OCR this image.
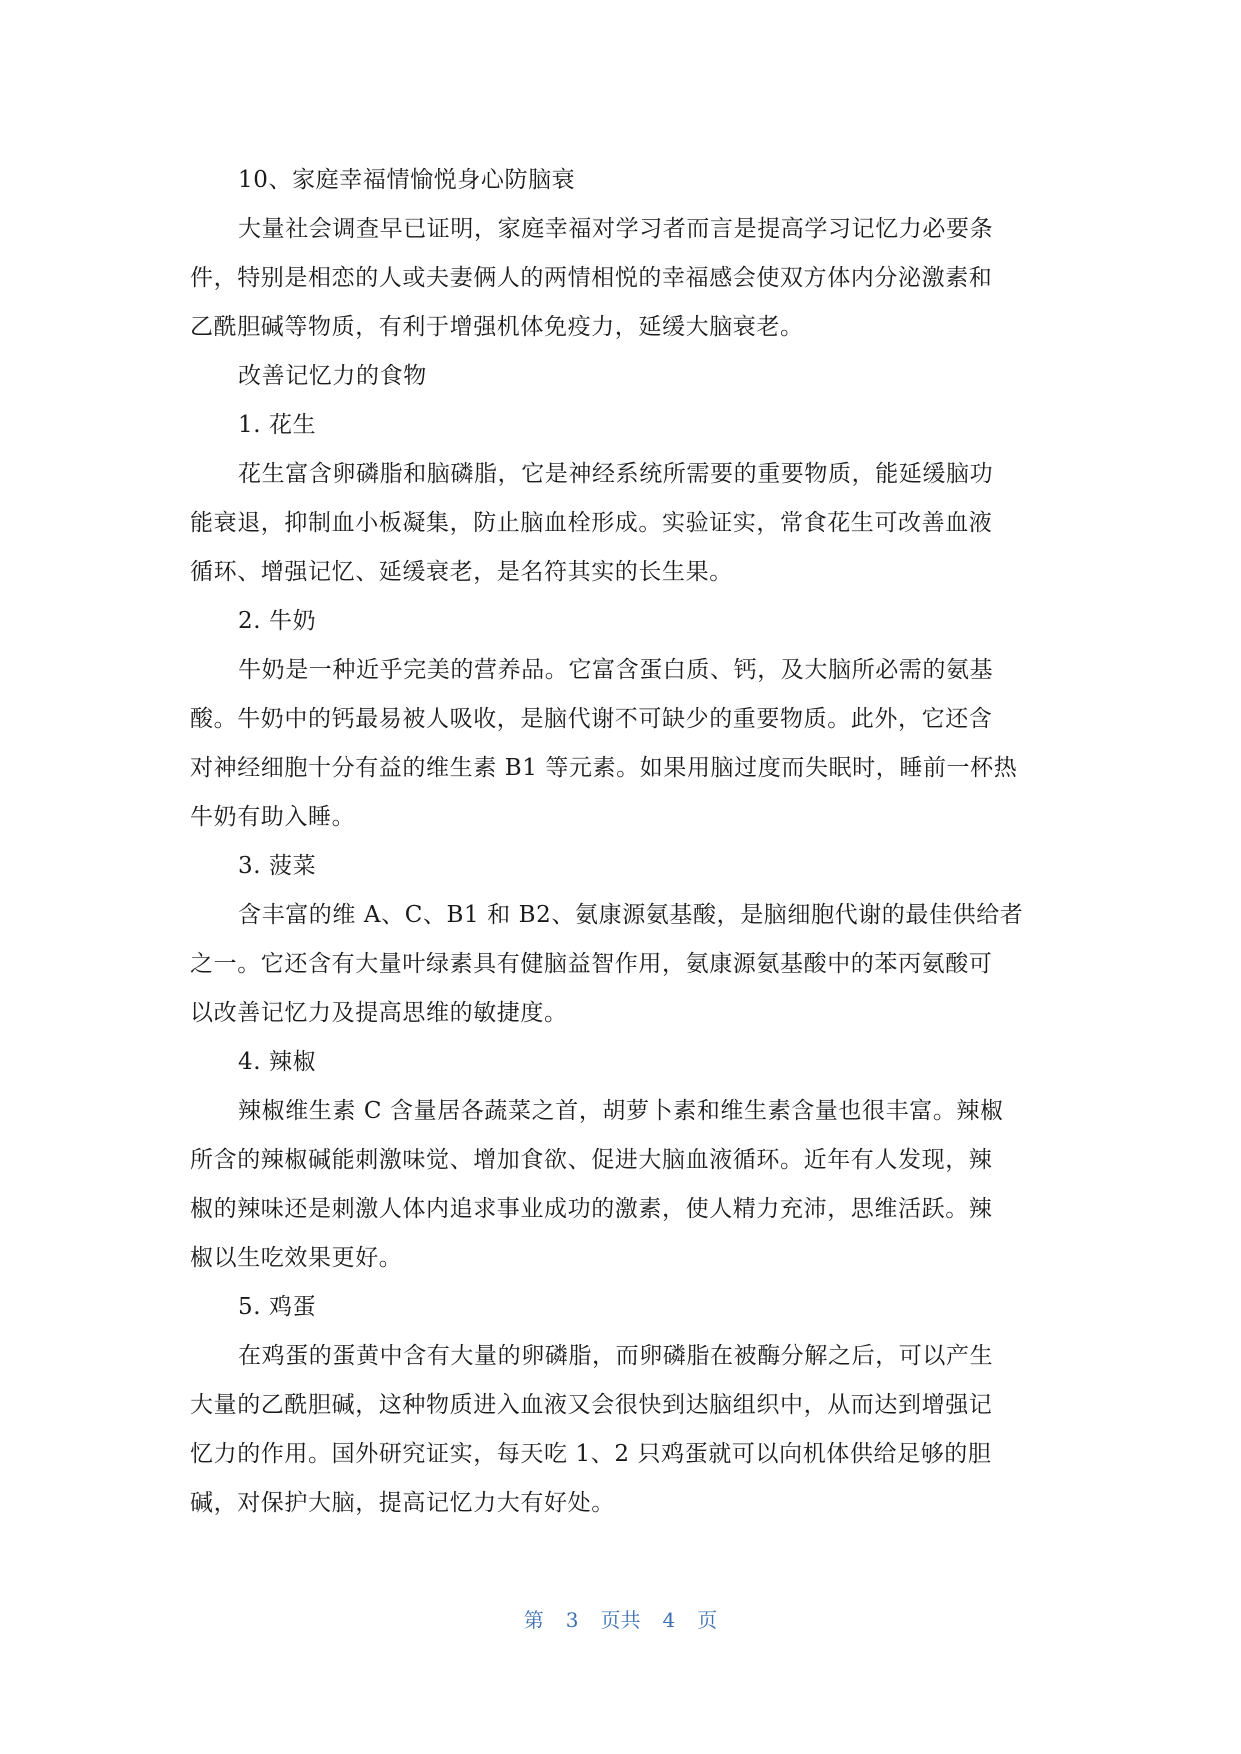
10、家庭幸福情愉悦身心防脑衰
大量社会调查早已证明，家庭幸福对学习者而言是提高学习记忆力必要条
件，特别是相恋的人或夫妻俩人的两情相悦的幸福感会使双方体内分泌激素和
乙酰胆碱等物质，有利于增强机体免疫力，延缓大脑衰老。
改善记忆力的食物
1. 花生
花生富含卵磷脂和脑磷脂，它是神经系统所需要的重要物质，能延缓脑功
能衰退，抑制血小板凝集，防止脑血栓形成。实验证实，常食花生可改善血液
循环、增强记忆、延缓衰老，是名符其实的长生果。
2. 牛奶
牛奶是一种近乎完美的营养品。它富含蛋白质、钙，及大脑所必需的氨基
酸。牛奶中的钙最易被人吸收，是脑代谢不可缺少的重要物质。此外，它还含
对神经细胞十分有益的维生素 B1 等元素。如果用脑过度而失眠时，睡前一杯热
牛奶有助入睡。
3. 菠菜
含丰富的维 A、C、B1 和 B2、氨康源氨基酸，是脑细胞代谢的最佳供给者
之一。它还含有大量叶绿素具有健脑益智作用，氨康源氨基酸中的苯丙氨酸可
以改善记忆力及提高思维的敏捷度。
4. 辣椒
辣椒维生素 C 含量居各蔬菜之首，胡萝卜素和维生素含量也很丰富。辣椒
所含的辣椒碱能刺激味觉、增加食欲、促进大脑血液循环。近年有人发现，辣
椒的辣味还是刺激人体内追求事业成功的激素，使人精力充沛，思维活跃。辣
椒以生吃效果更好。
5. 鸡蛋
在鸡蛋的蛋黄中含有大量的卵磷脂，而卵磷脂在被酶分解之后，可以产生
大量的乙酰胆碱，这种物质进入血液又会很快到达脑组织中，从而达到增强记
忆力的作用。国外研究证实，每天吃 1、2 只鸡蛋就可以向机体供给足够的胆
碱，对保护大脑，提高记忆力大有好处。
第 3 页共 4 页
